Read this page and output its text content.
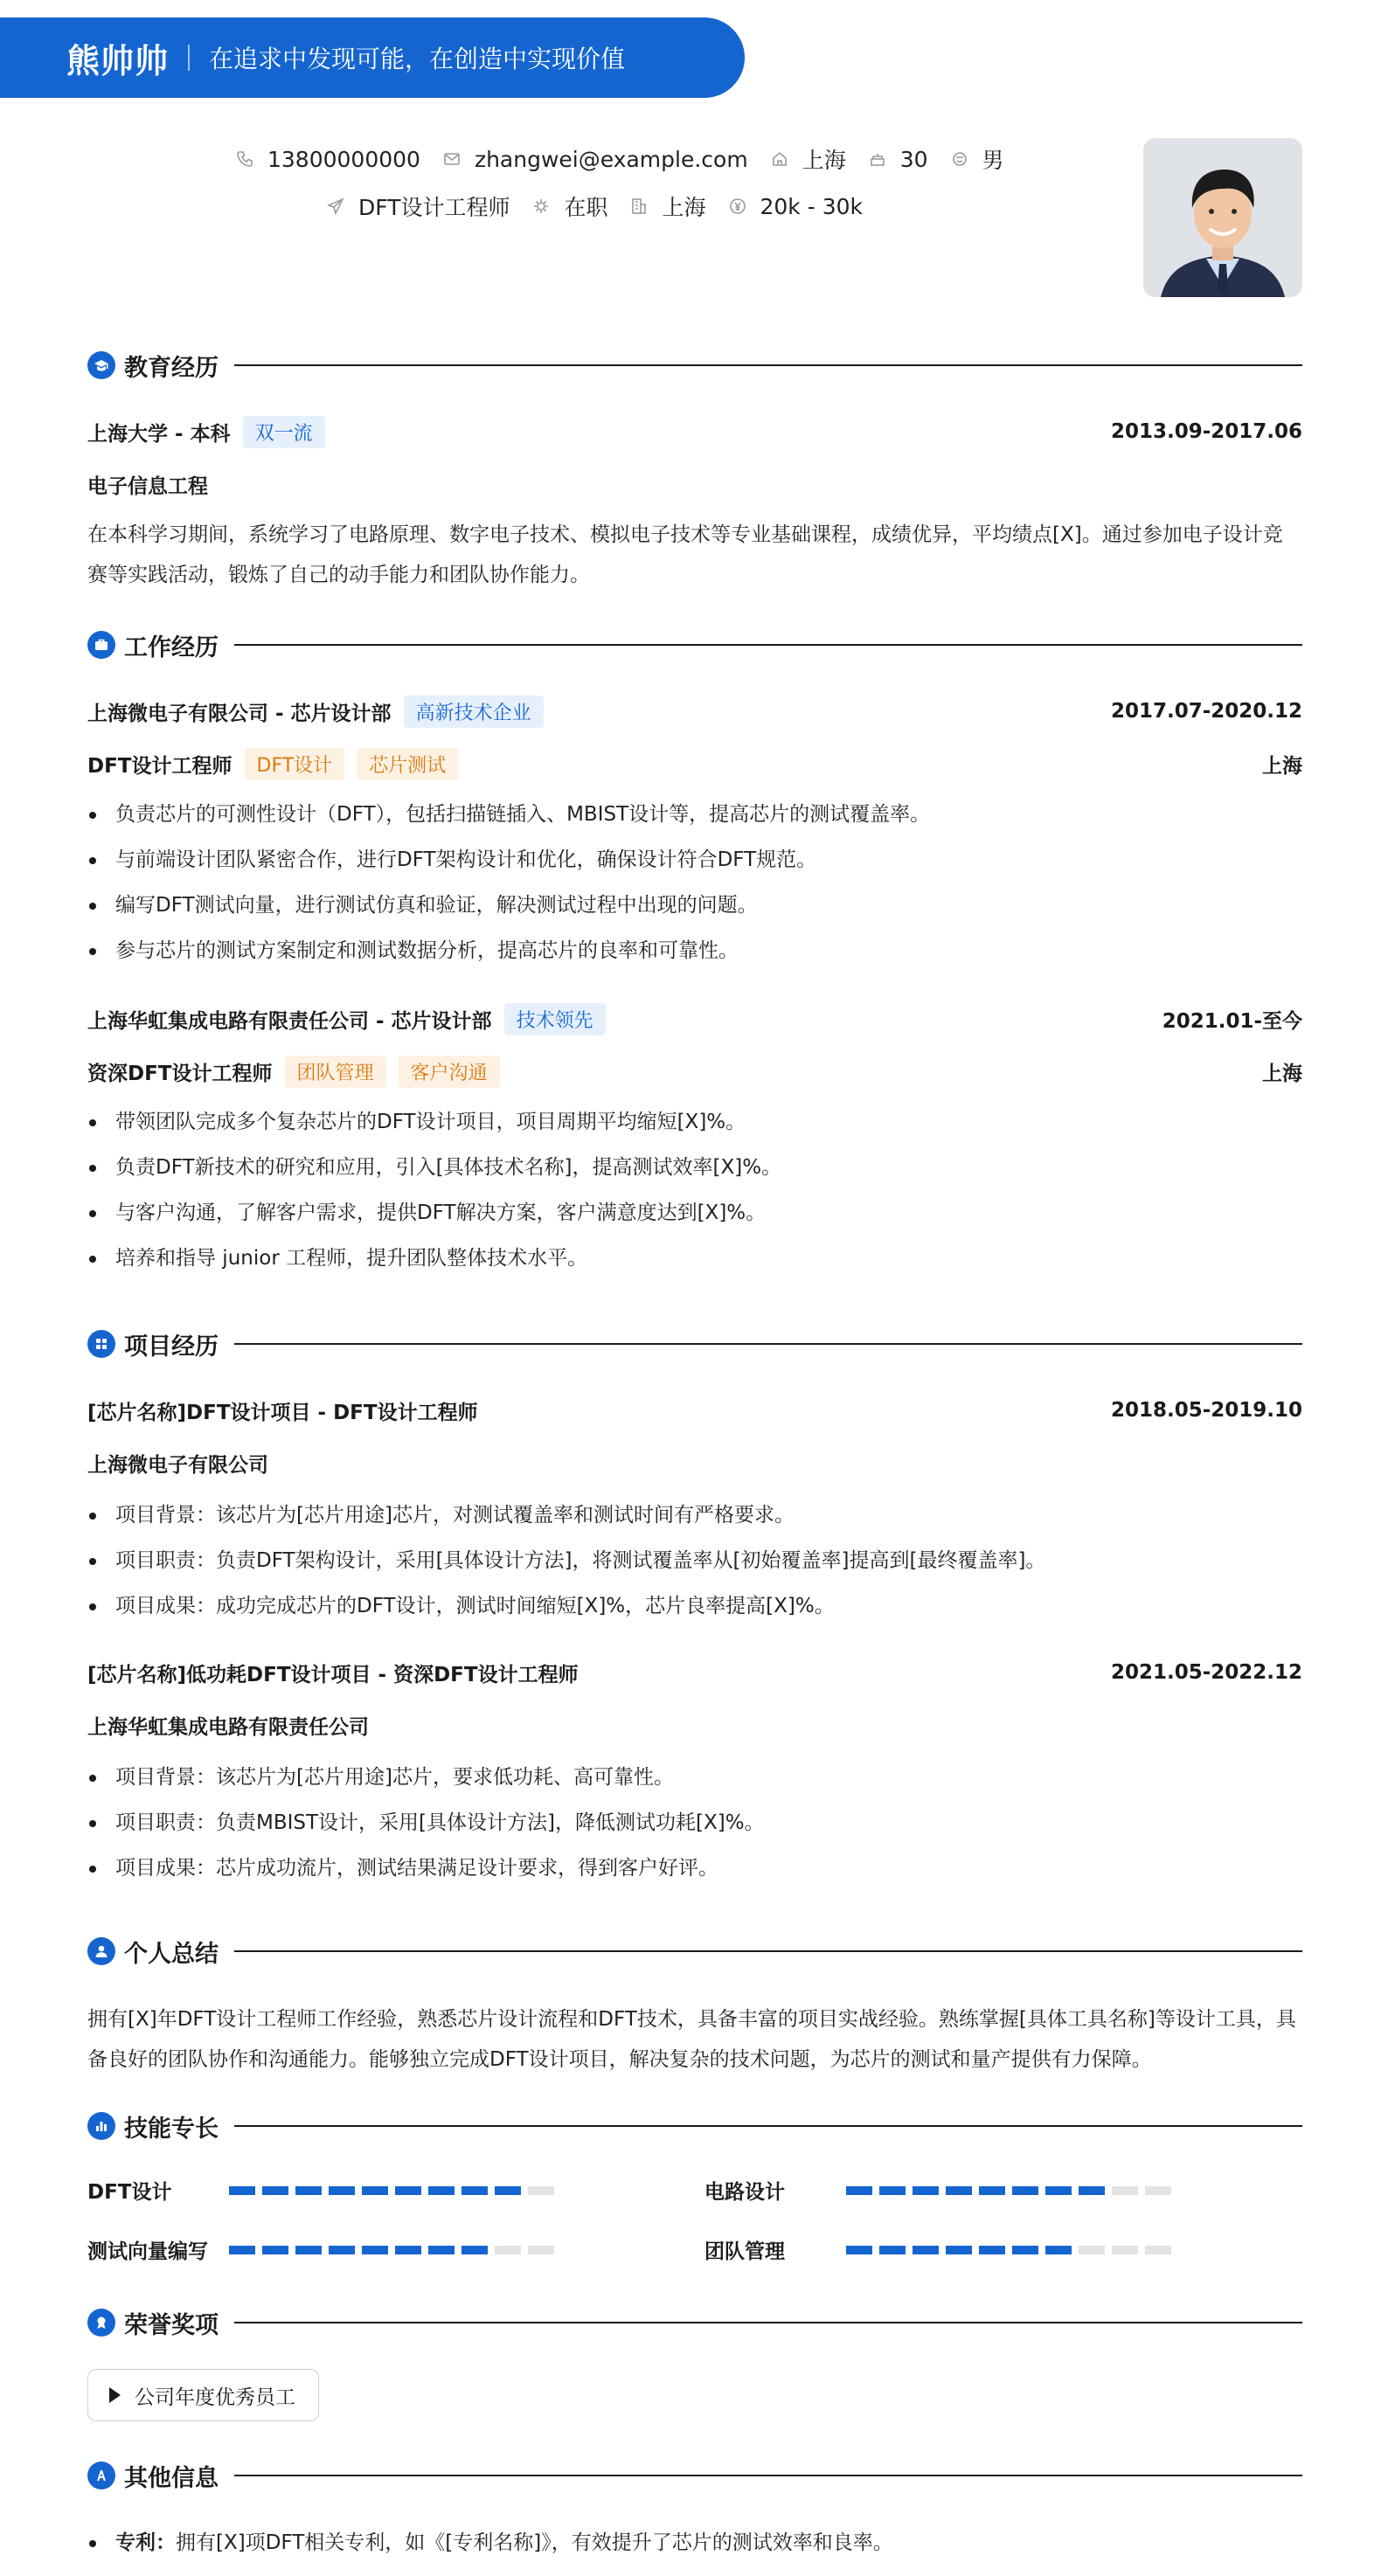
熊帅帅 在追求中发现可能，在创造中实现价值
13800000000 zhangwei@example.com 上海 30 男
DFT设计工程师 在职 上海 20k - 30k
教育经历
上海大学 - 本科	双一流	2013.09-2017.06
电子信息工程
在本科学习期间，系统学习了电路原理、数字电子技术、模拟电子技术等专业基础课程，成绩优异，平均绩点[X]。通过参加电子设计竞赛等实践活动，锻炼了自己的动手能力和团队协作能力。
工作经历
上海微电子有限公司 - 芯片设计部	高新技术企业	2017.07-2020.12
DFT设计工程师	DFT设计	芯片测试	上海
负责芯片的可测性设计（DFT），包括扫描链插入、MBIST设计等，提高芯片的测试覆盖率。
与前端设计团队紧密合作，进行DFT架构设计和优化，确保设计符合DFT规范。
编写DFT测试向量，进行测试仿真和验证，解决测试过程中出现的问题。
参与芯片的测试方案制定和测试数据分析，提高芯片的良率和可靠性。
上海华虹集成电路有限责任公司 - 芯片设计部	技术领先	2021.01-至今
资深DFT设计工程师	团队管理	客户沟通	上海
带领团队完成多个复杂芯片的DFT设计项目，项目周期平均缩短[X]%。
负责DFT新技术的研究和应用，引入[具体技术名称]，提高测试效率[X]%。
与客户沟通，了解客户需求，提供DFT解决方案，客户满意度达到[X]%。
培养和指导 junior 工程师，提升团队整体技术水平。
项目经历
[芯片名称]DFT设计项目 - DFT设计工程师	2018.05-2019.10
上海微电子有限公司
项目背景：该芯片为[芯片用途]芯片，对测试覆盖率和测试时间有严格要求。
项目职责：负责DFT架构设计，采用[具体设计方法]，将测试覆盖率从[初始覆盖率]提高到[最终覆盖率]。
项目成果：成功完成芯片的DFT设计，测试时间缩短[X]%，芯片良率提高[X]%。
[芯片名称]低功耗DFT设计项目 - 资深DFT设计工程师	2021.05-2022.12
上海华虹集成电路有限责任公司
项目背景：该芯片为[芯片用途]芯片，要求低功耗、高可靠性。
项目职责：负责MBIST设计，采用[具体设计方法]，降低测试功耗[X]%。
项目成果：芯片成功流片，测试结果满足设计要求，得到客户好评。
个人总结
拥有[X]年DFT设计工程师工作经验，熟悉芯片设计流程和DFT技术，具备丰富的项目实战经验。熟练掌握[具体工具名称]等设计工具，具备良好的团队协作和沟通能力。能够独立完成DFT设计项目，解决复杂的技术问题，为芯片的测试和量产提供有力保障。
技能专长
DFT设计	电路设计
测试向量编写	团队管理
荣誉奖项
公司年度优秀员工
其他信息
专利：拥有[X]项DFT相关专利，如《[专利名称]》，有效提升了芯片的测试效率和良率。
